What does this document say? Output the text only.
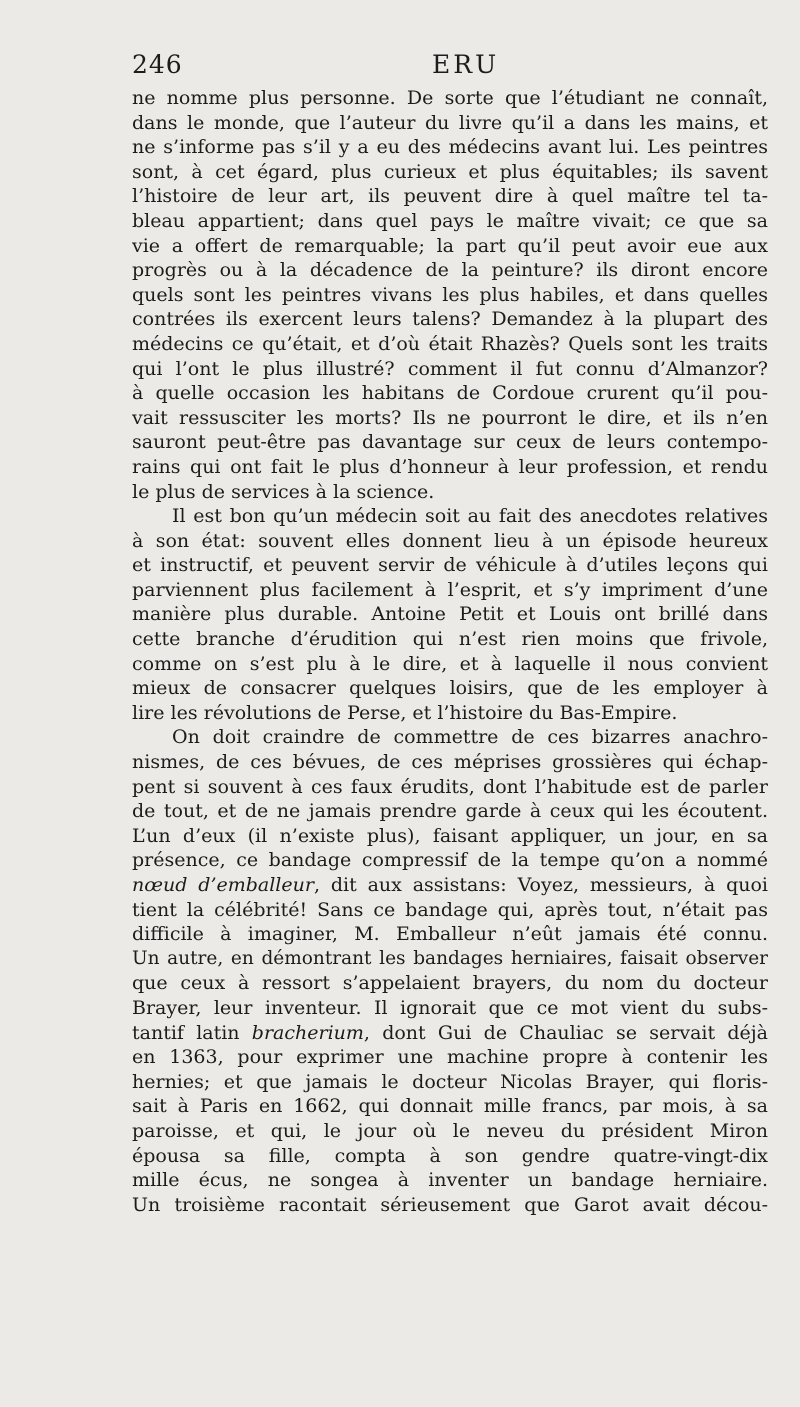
246	ERU
ne nomme plus personne. De sorte que l’étudiant ne connaît,
dans le monde, que l’auteur du livre qu’il a dans les mains, et
ne s’informe pas s’il y a eu des médecins avant lui. Les peintres
sont, à cet égard, plus curieux et plus équitables; ils savent
l’histoire de leur art, ils peuvent dire à quel maître tel ta-
bleau appartient; dans quel pays le maître vivait; ce que sa
vie a offert de remarquable; la part qu’il peut avoir eue aux
progrès ou à la décadence de la peinture? ils diront encore
quels sont les peintres vivans les plus habiles, et dans quelles
contrées ils exercent leurs talens? Demandez à la plupart des
médecins ce qu’était, et d’où était Rhazès? Quels sont les traits
qui l’ont le plus illustré? comment il fut connu d’Almanzor?
à quelle occasion les habitans de Cordoue crurent qu’il pou-
vait ressusciter les morts? Ils ne pourront le dire, et ils n’en
sauront peut-être pas davantage sur ceux de leurs contempo-
rains qui ont fait le plus d’honneur à leur profession, et rendu
le plus de services à la science.
Il est bon qu’un médecin soit au fait des anecdotes relatives
à son état: souvent elles donnent lieu à un épisode heureux
et instructif, et peuvent servir de véhicule à d’utiles leçons qui
parviennent plus facilement à l’esprit, et s’y impriment d’une
manière plus durable. Antoine Petit et Louis ont brillé dans
cette branche d’érudition qui n’est rien moins que frivole,
comme on s’est plu à le dire, et à laquelle il nous convient
mieux de consacrer quelques loisirs, que de les employer à
lire les révolutions de Perse, et l’histoire du Bas-Empire.
On doit craindre de commettre de ces bizarres anachro-
nismes, de ces bévues, de ces méprises grossières qui échap-
pent si souvent à ces faux érudits, dont l’habitude est de parler
de tout, et de ne jamais prendre garde à ceux qui les écoutent.
L’un d’eux (il n’existe plus), faisant appliquer, un jour, en sa
présence, ce bandage compressif de la tempe qu’on a nommé
nœud d’emballeur, dit aux assistans: Voyez, messieurs, à quoi
tient la célébrité! Sans ce bandage qui, après tout, n’était pas
difficile à imaginer, M. Emballeur n’eût jamais été connu.
Un autre, en démontrant les bandages herniaires, faisait observer
que ceux à ressort s’appelaient brayers, du nom du docteur
Brayer, leur inventeur. Il ignorait que ce mot vient du subs-
tantif latin bracherium, dont Gui de Chauliac se servait déjà
en 1363, pour exprimer une machine propre à contenir les
hernies; et que jamais le docteur Nicolas Brayer, qui floris-
sait à Paris en 1662, qui donnait mille francs, par mois, à sa
paroisse, et qui, le jour où le neveu du président Miron
épousa sa fille, compta à son gendre quatre-vingt-dix
mille écus, ne songea à inventer un bandage herniaire.
Un troisième racontait sérieusement que Garot avait décou-
